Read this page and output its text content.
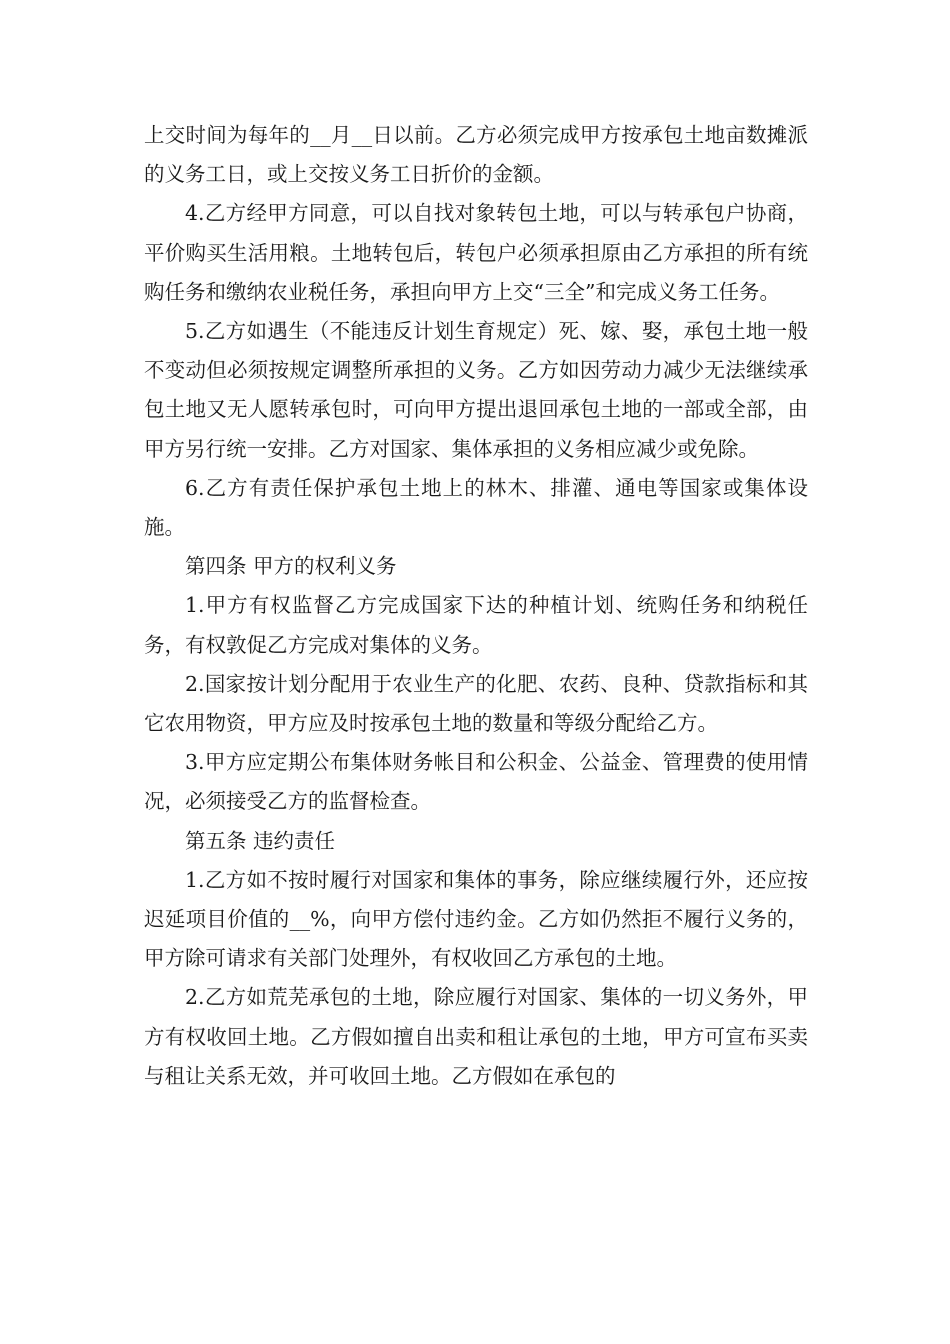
上交时间为每年的__月__日以前。乙方必须完成甲方按承包土地亩数摊派的义务工日，或上交按义务工日折价的金额。

4.乙方经甲方同意，可以自找对象转包土地，可以与转承包户协商，平价购买生活用粮。土地转包后，转包户必须承担原由乙方承担的所有统购任务和缴纳农业税任务，承担向甲方上交“三全”和完成义务工任务。

5.乙方如遇生（不能违反计划生育规定）死、嫁、娶，承包土地一般不变动但必须按规定调整所承担的义务。乙方如因劳动力减少无法继续承包土地又无人愿转承包时，可向甲方提出退回承包土地的一部或全部，由甲方另行统一安排。乙方对国家、集体承担的义务相应减少或免除。

6.乙方有责任保护承包土地上的林木、排灌、通电等国家或集体设施。

第四条 甲方的权利义务

1.甲方有权监督乙方完成国家下达的种植计划、统购任务和纳税任务，有权敦促乙方完成对集体的义务。

2.国家按计划分配用于农业生产的化肥、农药、良种、贷款指标和其它农用物资，甲方应及时按承包土地的数量和等级分配给乙方。

3.甲方应定期公布集体财务帐目和公积金、公益金、管理费的使用情况，必须接受乙方的监督检查。

第五条 违约责任

1.乙方如不按时履行对国家和集体的事务，除应继续履行外，还应按迟延项目价值的__%，向甲方偿付违约金。乙方如仍然拒不履行义务的，甲方除可请求有关部门处理外，有权收回乙方承包的土地。

2.乙方如荒芜承包的土地，除应履行对国家、集体的一切义务外，甲方有权收回土地。乙方假如擅自出卖和租让承包的土地，甲方可宣布买卖与租让关系无效，并可收回土地。乙方假如在承包的
